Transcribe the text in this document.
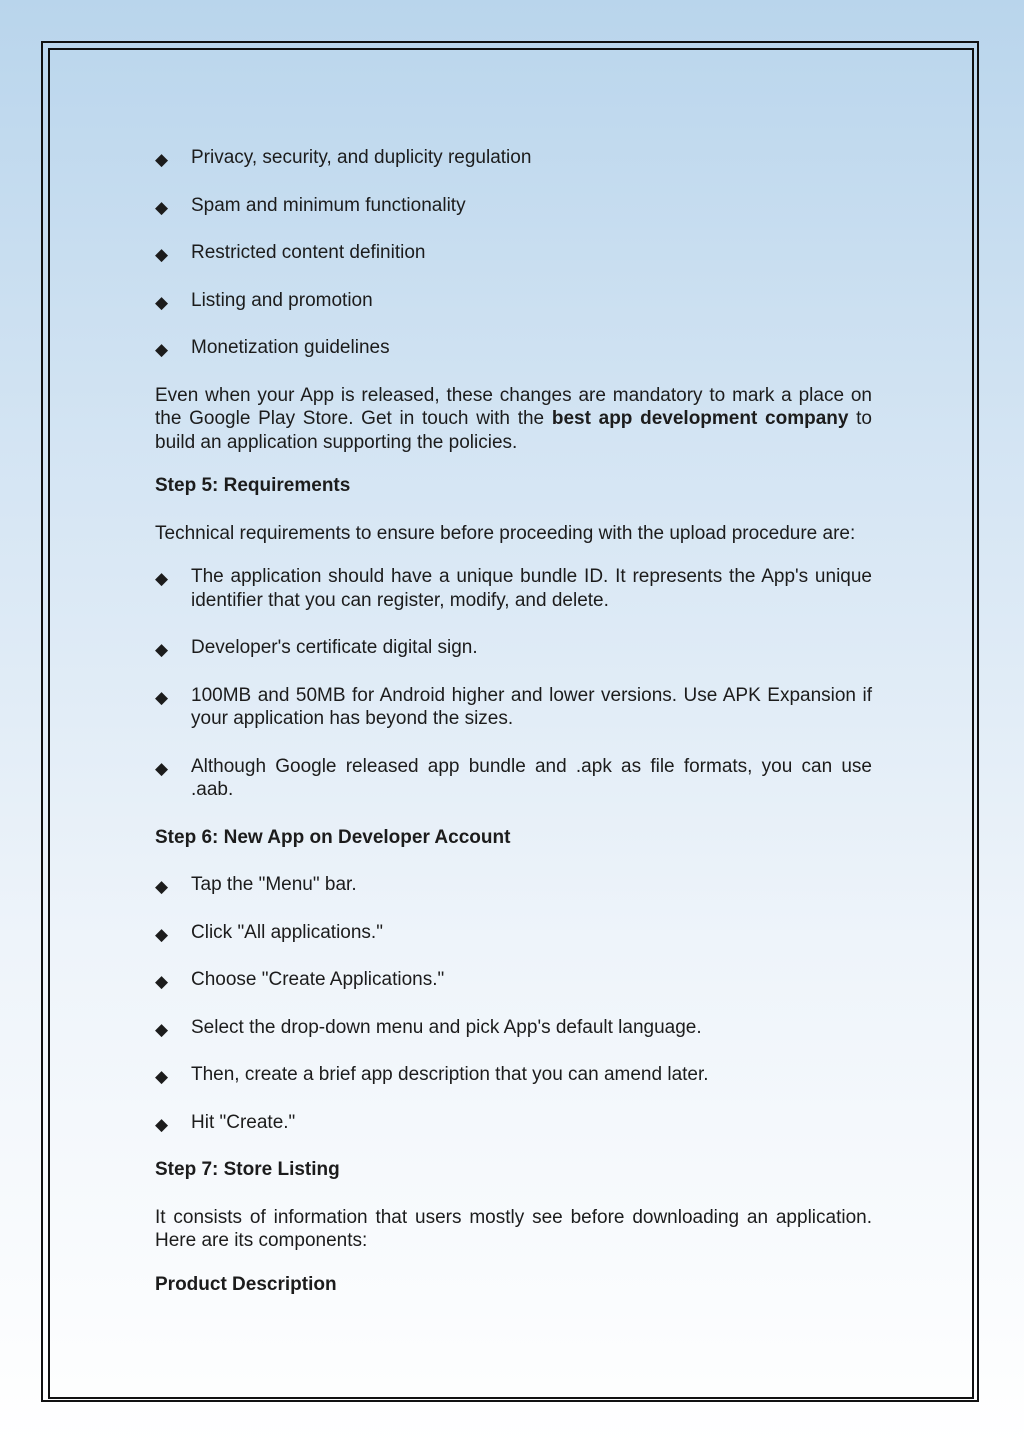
◆ Privacy, security, and duplicity regulation
◆ Spam and minimum functionality
◆ Restricted content definition
◆ Listing and promotion
◆ Monetization guidelines

Even when your App is released, these changes are mandatory to mark a place on the Google Play Store. Get in touch with the best app development company to build an application supporting the policies.

Step 5: Requirements

Technical requirements to ensure before proceeding with the upload procedure are:

◆ The application should have a unique bundle ID. It represents the App's unique identifier that you can register, modify, and delete.
◆ Developer's certificate digital sign.
◆ 100MB and 50MB for Android higher and lower versions. Use APK Expansion if your application has beyond the sizes.
◆ Although Google released app bundle and .apk as file formats, you can use .aab.

Step 6: New App on Developer Account

◆ Tap the "Menu" bar.
◆ Click "All applications."
◆ Choose "Create Applications."
◆ Select the drop-down menu and pick App's default language.
◆ Then, create a brief app description that you can amend later.
◆ Hit "Create."

Step 7: Store Listing

It consists of information that users mostly see before downloading an application. Here are its components:

Product Description
